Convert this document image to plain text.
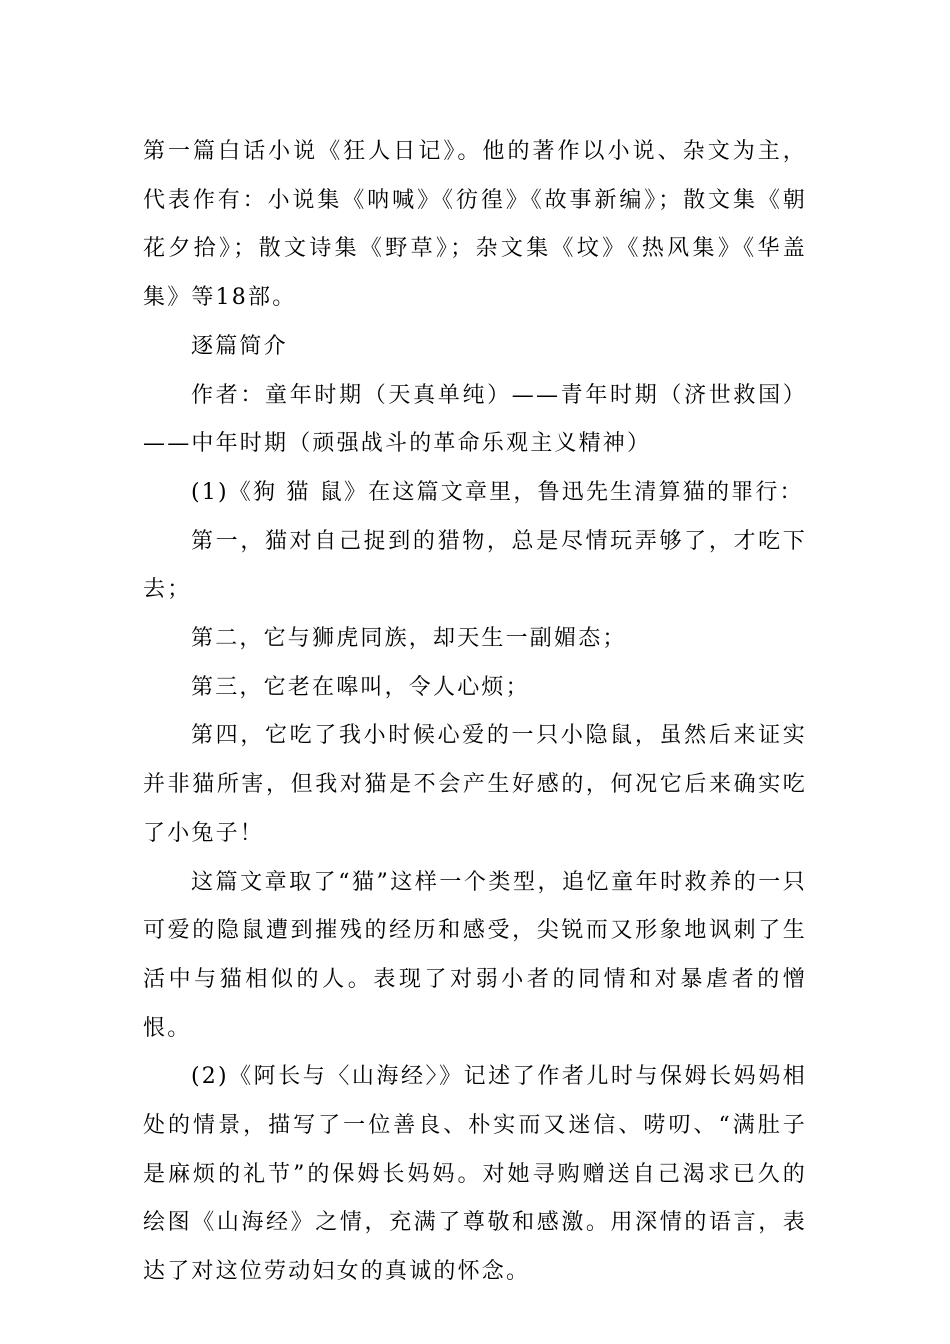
第一篇白话小说《狂人日记》。他的著作以小说、杂文为主，代表作有：小说集《呐喊》《彷徨》《故事新编》；散文集《朝花夕拾》；散文诗集《野草》；杂文集《坟》《热风集》《华盖集》等18部。

逐篇简介

作者：童年时期（天真单纯）——青年时期（济世救国）——中年时期（顽强战斗的革命乐观主义精神）

(1)《狗 猫 鼠》在这篇文章里，鲁迅先生清算猫的罪行：

第一，猫对自己捉到的猎物，总是尽情玩弄够了，才吃下去；

第二，它与狮虎同族，却天生一副媚态；

第三，它老在嗥叫，令人心烦；

第四，它吃了我小时候心爱的一只小隐鼠，虽然后来证实并非猫所害，但我对猫是不会产生好感的，何况它后来确实吃了小兔子！

这篇文章取了“猫”这样一个类型，追忆童年时救养的一只可爱的隐鼠遭到摧残的经历和感受，尖锐而又形象地讽刺了生活中与猫相似的人。表现了对弱小者的同情和对暴虐者的憎恨。

(2)《阿长与〈山海经〉》记述了作者儿时与保姆长妈妈相处的情景，描写了一位善良、朴实而又迷信、唠叨、“满肚子是麻烦的礼节”的保姆长妈妈。对她寻购赠送自己渴求已久的绘图《山海经》之情，充满了尊敬和感激。用深情的语言，表达了对这位劳动妇女的真诚的怀念。
